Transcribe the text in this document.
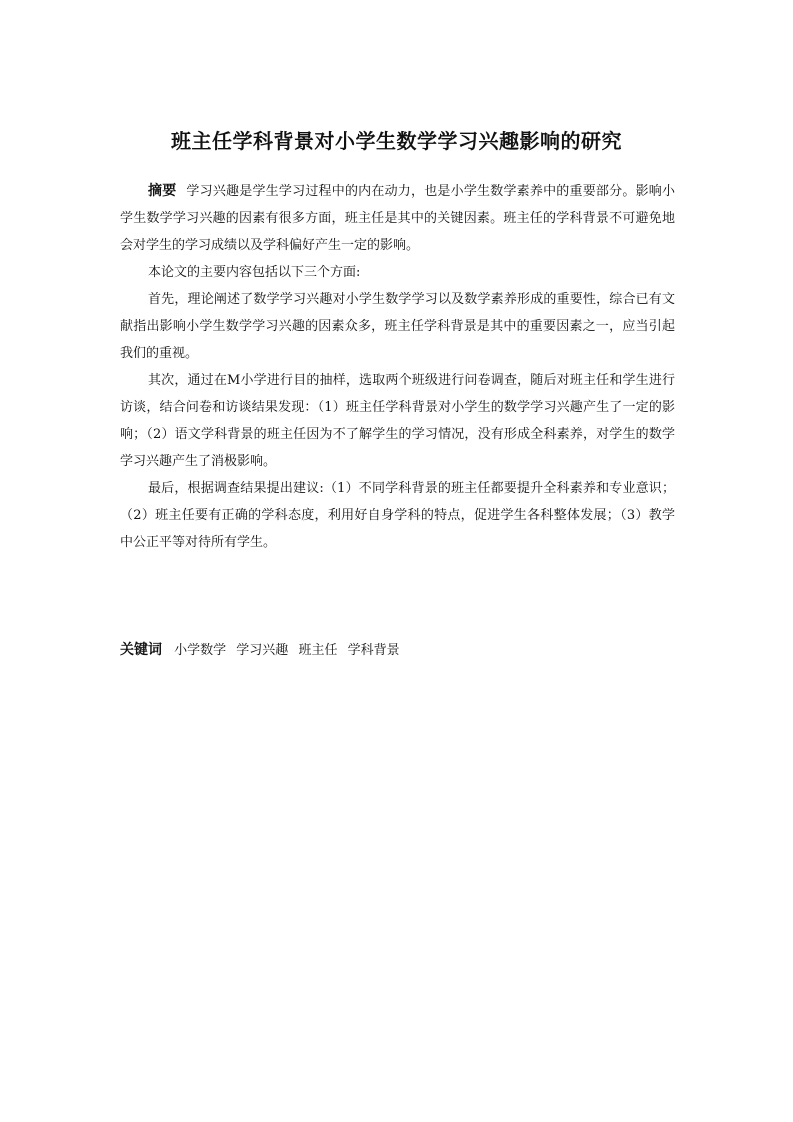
班主任学科背景对小学生数学学习兴趣影响的研究

摘要 学习兴趣是学生学习过程中的内在动力，也是小学生数学素养中的重要部分。影响小学生数学学习兴趣的因素有很多方面，班主任是其中的关键因素。班主任的学科背景不可避免地会对学生的学习成绩以及学科偏好产生一定的影响。

本论文的主要内容包括以下三个方面:

首先，理论阐述了数学学习兴趣对小学生数学学习以及数学素养形成的重要性，综合已有文献指出影响小学生数学学习兴趣的因素众多，班主任学科背景是其中的重要因素之一，应当引起我们的重视。

其次，通过在M小学进行目的抽样，选取两个班级进行问卷调查，随后对班主任和学生进行访谈，结合问卷和访谈结果发现：（1）班主任学科背景对小学生的数学学习兴趣产生了一定的影响；（2）语文学科背景的班主任因为不了解学生的学习情况，没有形成全科素养，对学生的数学学习兴趣产生了消极影响。

最后，根据调查结果提出建议:（1）不同学科背景的班主任都要提升全科素养和专业意识；（2）班主任要有正确的学科态度，利用好自身学科的特点，促进学生各科整体发展；（3）教学中公正平等对待所有学生。

关键词 小学数学 学习兴趣 班主任 学科背景
